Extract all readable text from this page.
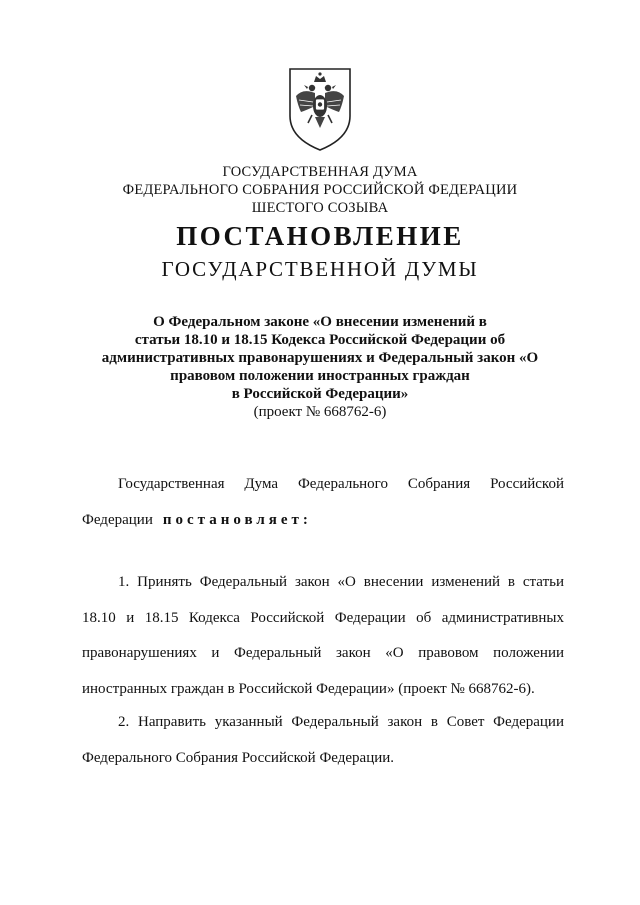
ГОСУДАРСТВЕННАЯ ДУМА
ФЕДЕРАЛЬНОГО СОБРАНИЯ РОССИЙСКОЙ ФЕДЕРАЦИИ
ШЕСТОГО СОЗЫВА
ПОСТАНОВЛЕНИЕ
ГОСУДАРСТВЕННОЙ ДУМЫ
О Федеральном законе «О внесении изменений в
статьи 18.10 и 18.15 Кодекса Российской Федерации об
административных правонарушениях и Федеральный закон «О
правовом положении иностранных граждан
в Российской Федерации»
(проект № 668762-6)

Государственная Дума Федерального Собрания Российской Федерации постановляет:

1. Принять Федеральный закон «О внесении изменений в статьи 18.10 и 18.15 Кодекса Российской Федерации об административных правонарушениях и Федеральный закон «О правовом положении иностранных граждан в Российской Федерации» (проект № 668762-6).

2. Направить указанный Федеральный закон в Совет Федерации Федерального Собрания Российской Федерации.
